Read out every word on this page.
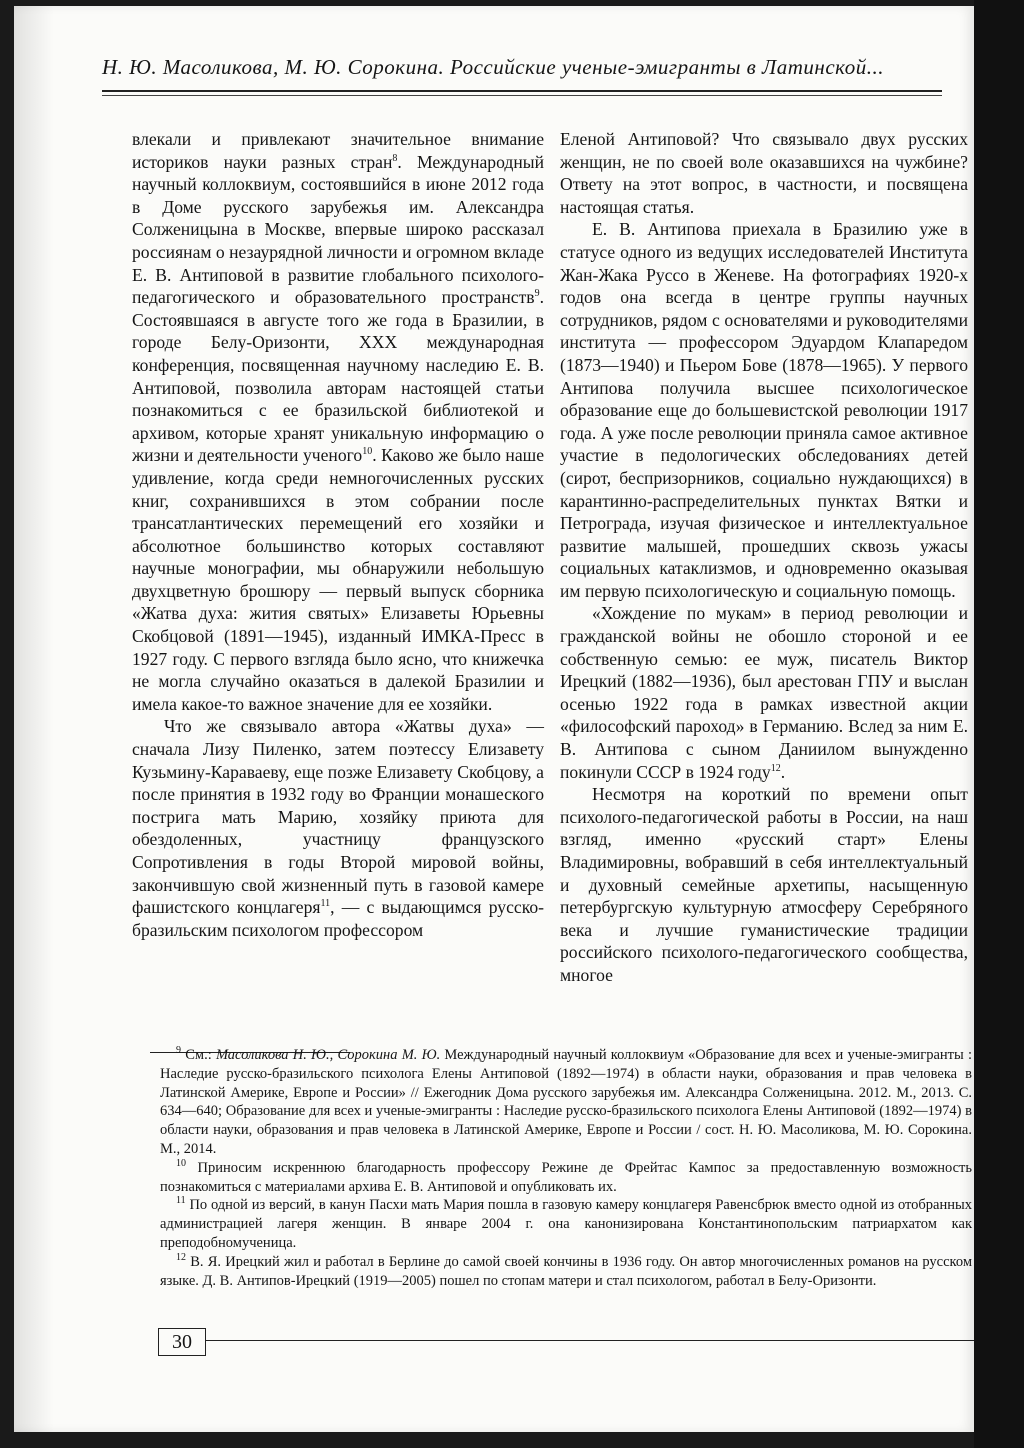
Н. Ю. Масоликова, М. Ю. Сорокина. Российские ученые-эмигранты в Латинской...

влекали и привлекают значительное внимание историков науки разных стран$^8$. Международный научный коллоквиум, состоявшийся в июне 2012 года в Доме русского зарубежья им. Александра Солженицына в Москве, впервые широко рассказал россиянам о незаурядной личности и огромном вкладе Е. В. Антиповой в развитие глобального психолого-педагогического и образовательного пространств$^9$. Состоявшаяся в августе того же года в Бразилии, в городе Белу-Оризонти, XXX международная конференция, посвященная научному наследию Е. В. Антиповой, позволила авторам настоящей статьи познакомиться с ее бразильской библиотекой и архивом, которые хранят уникальную информацию о жизни и деятельности ученого$^{10}$. Каково же было наше удивление, когда среди немногочисленных русских книг, сохранившихся в этом собрании после трансатлантических перемещений его хозяйки и абсолютное большинство которых составляют научные монографии, мы обнаружили небольшую двухцветную брошюру — первый выпуск сборника «Жатва духа: жития святых» Елизаветы Юрьевны Скобцовой (1891—1945), изданный ИМКА-Пресс в 1927 году. С первого взгляда было ясно, что книжечка не могла случайно оказаться в далекой Бразилии и имела какое-то важное значение для ее хозяйки.

Что же связывало автора «Жатвы духа» — сначала Лизу Пиленко, затем поэтессу Елизавету Кузьмину-Караваеву, еще позже Елизавету Скобцову, а после принятия в 1932 году во Франции монашеского пострига мать Марию, хозяйку приюта для обездоленных, участницу французского Сопротивления в годы Второй мировой войны, закончившую свой жизненный путь в газовой камере фашистского концлагеря$^{11}$, — с выдающимся русско-бразильским психологом профессором

Еленой Антиповой? Что связывало двух русских женщин, не по своей воле оказавшихся на чужбине? Ответу на этот вопрос, в частности, и посвящена настоящая статья.

Е. В. Антипова приехала в Бразилию уже в статусе одного из ведущих исследователей Института Жан-Жака Руссо в Женеве. На фотографиях 1920-х годов она всегда в центре группы научных сотрудников, рядом с основателями и руководителями института — профессором Эдуардом Клапаредом (1873—1940) и Пьером Бове (1878—1965). У первого Антипова получила высшее психологическое образование еще до большевистской революции 1917 года. А уже после революции приняла самое активное участие в педологических обследованиях детей (сирот, беспризорников, социально нуждающихся) в карантинно-распределительных пунктах Вятки и Петрограда, изучая физическое и интеллектуальное развитие малышей, прошедших сквозь ужасы социальных катаклизмов, и одновременно оказывая им первую психологическую и социальную помощь.

«Хождение по мукам» в период революции и гражданской войны не обошло стороной и ее собственную семью: ее муж, писатель Виктор Ирецкий (1882—1936), был арестован ГПУ и выслан осенью 1922 года в рамках известной акции «философский пароход» в Германию. Вслед за ним Е. В. Антипова с сыном Даниилом вынужденно покинули СССР в 1924 году$^{12}$.

Несмотря на короткий по времени опыт психолого-педагогической работы в России, на наш взгляд, именно «русский старт» Елены Владимировны, вобравший в себя интеллектуальный и духовный семейные архетипы, насыщенную петербургскую культурную атмосферу Серебряного века и лучшие гуманистические традиции российского психолого-педагогического сообщества, многое

$^9$ См.: Масоликова Н. Ю., Сорокина М. Ю. Международный научный коллоквиум «Образование для всех и ученые-эмигранты : Наследие русско-бразильского психолога Елены Антиповой (1892—1974) в области науки, образования и прав человека в Латинской Америке, Европе и России» // Ежегодник Дома русского зарубежья им. Александра Солженицына. 2012. М., 2013. С. 634—640; Образование для всех и ученые-эмигранты : Наследие русско-бразильского психолога Елены Антиповой (1892—1974) в области науки, образования и прав человека в Латинской Америке, Европе и России / сост. Н. Ю. Масоликова, М. Ю. Сорокина. М., 2014.

$^{10}$ Приносим искреннюю благодарность профессору Режине де Фрейтас Кампос за предоставленную возможность познакомиться с материалами архива Е. В. Антиповой и опубликовать их.

$^{11}$ По одной из версий, в канун Пасхи мать Мария пошла в газовую камеру концлагеря Равенсбрюк вместо одной из отобранных администрацией лагеря женщин. В январе 2004 г. она канонизирована Константинопольским патриархатом как преподобномученица.

$^{12}$ В. Я. Ирецкий жил и работал в Берлине до самой своей кончины в 1936 году. Он автор многочисленных романов на русском языке. Д. В. Антипов-Ирецкий (1919—2005) пошел по стопам матери и стал психологом, работал в Белу-Оризонти.

30
